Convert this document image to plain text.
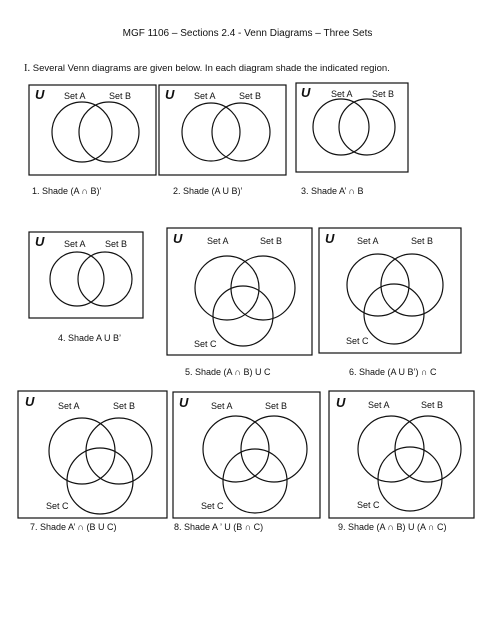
MGF 1106 – Sections 2.4 - Venn Diagrams – Three Sets
I. Several Venn diagrams are given below. In each diagram shade the indicated region.
U Set A	Set B
1. Shade (A ∩ B)’
U Set A	Set B
2. Shade (A U B)’
U Set A Set B
3. Shade A’ ∩ B
U Set A Set B
4. Shade A U B’
U	Set A	Set B
Set C
5. Shade (A ∩ B) U C
U	Set A	Set B
Set C
6. Shade (A U B’) ∩ C
U	Set A	Set B
Set C
7. Shade A’ ∩ (B U C)
U	Set A	Set B
Set C
8. Shade A ’ U (B ∩ C)
U	Set A	Set B
Set C
9. Shade (A ∩ B) U (A ∩ C)
